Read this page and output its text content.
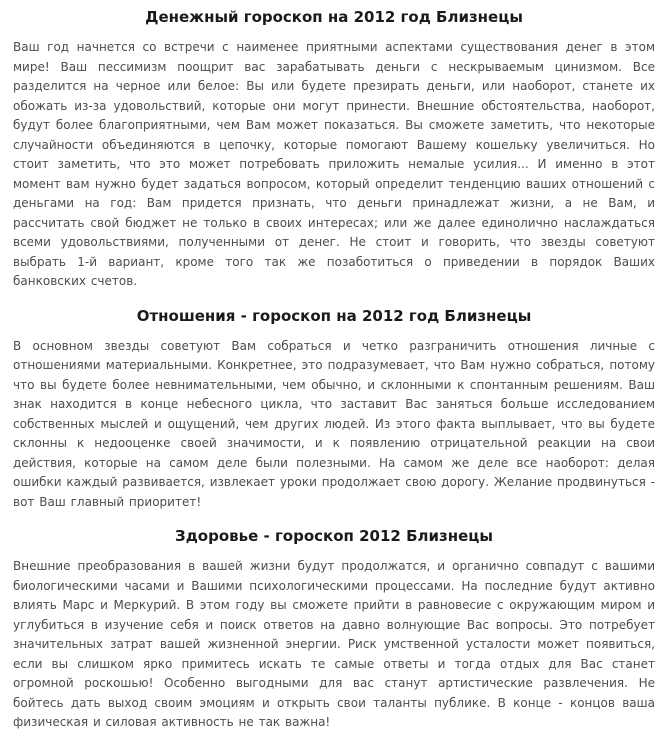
Денежный гороскоп на 2012 год Близнецы

Ваш год начнется со встречи с наименее приятными аспектами существования денег в этом мире! Ваш пессимизм поощрит вас зарабатывать деньги с нескрываемым цинизмом. Все разделится на черное или белое: Вы или будете презирать деньги, или наоборот, станете их обожать из-за удовольствий, которые они могут принести. Внешние обстоятельства, наоборот, будут более благоприятными, чем Вам может показаться. Вы сможете заметить, что некоторые случайности объединяются в цепочку, которые помогают Вашему кошельку увеличиться. Но стоит заметить, что это может потребовать приложить немалые усилия... И именно в этот момент вам нужно будет задаться вопросом, который определит тенденцию ваших отношений с деньгами на год: Вам придется признать, что деньги принадлежат жизни, а не Вам, и рассчитать свой бюджет не только в своих интересах; или же далее единолично наслаждаться всеми удовольствиями, полученными от денег. Не стоит и говорить, что звезды советуют выбрать 1-й вариант, кроме того так же позаботиться о приведении в порядок Ваших банковских счетов.

Отношения - гороскоп на 2012 год Близнецы

В основном звезды советуют Вам собраться и четко разграничить отношения личные с отношениями материальными. Конкретнее, это подразумевает, что Вам нужно собраться, потому что вы будете более невнимательными, чем обычно, и склонными к спонтанным решениям. Ваш знак находится в конце небесного цикла, что заставит Вас заняться больше исследованием собственных мыслей и ощущений, чем других людей. Из этого факта выплывает, что вы будете склонны к недооценке своей значимости, и к появлению отрицательной реакции на свои действия, которые на самом деле были полезными. На самом же деле все наоборот: делая ошибки каждый развивается, извлекает уроки продолжает свою дорогу. Желание продвинуться - вот Ваш главный приоритет!

Здоровье - гороскоп 2012 Близнецы

Внешние преобразования в вашей жизни будут продолжатся, и органично совпадут с вашими биологическими часами и Вашими психологическими процессами. На последние будут активно влиять Марс и Меркурий. В этом году вы сможете прийти в равновесие с окружающим миром и углубиться в изучение себя и поиск ответов на давно волнующие Вас вопросы. Это потребует значительных затрат вашей жизненной энергии. Риск умственной усталости может появиться, если вы слишком ярко примитесь искать те самые ответы и тогда отдых для Вас станет огромной роскошью! Особенно выгодными для вас станут артистические развлечения. Не бойтесь дать выход своим эмоциям и открыть свои таланты публике. В конце - концов ваша физическая и силовая активность не так важна!
